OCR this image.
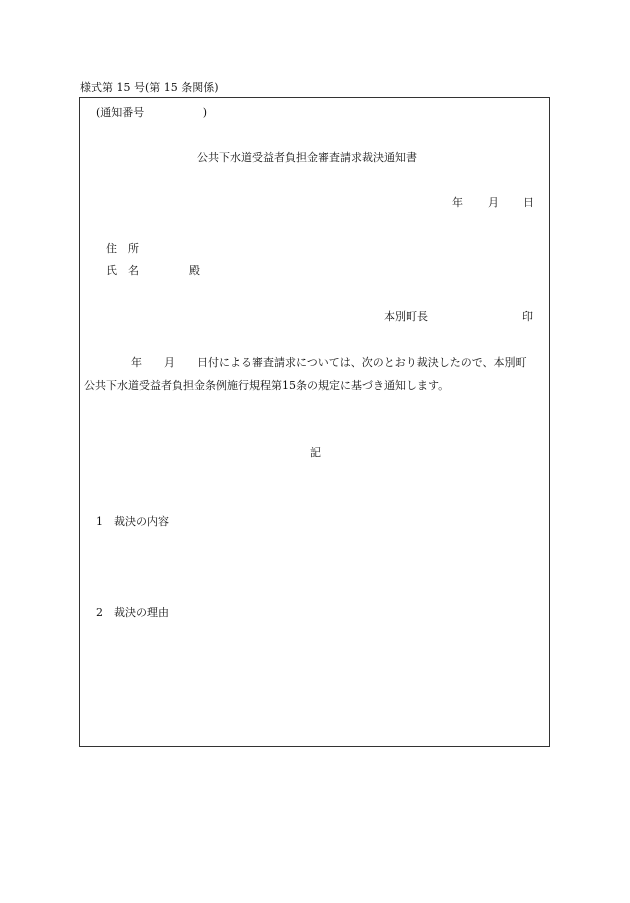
様式第 15 号(第 15 条関係)
(通知番号 　　　　　)
公共下水道受益者負担金審査請求裁決通知書
年 月 日
住　所
氏　名	殿
本別町長	印
年　　月　　日付による審査請求については、次のとおり裁決したので、本別町
公共下水道受益者負担金条例施行規程第15条の規定に基づき通知します。
記
1　裁決の内容
2　裁決の理由
